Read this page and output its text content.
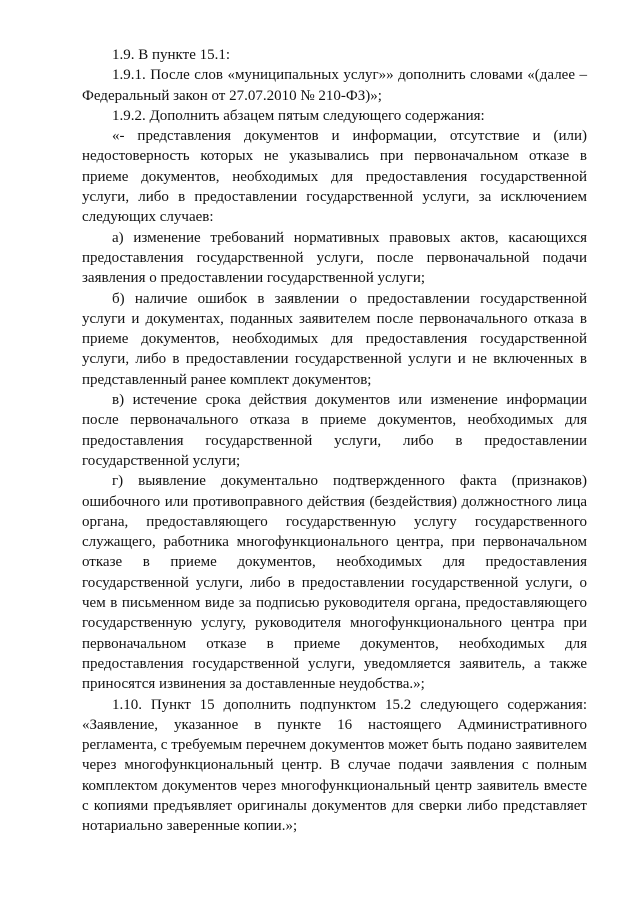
1.9. В пункте 15.1:

1.9.1. После слов «муниципальных услуг»» дополнить словами «(далее – Федеральный закон от 27.07.2010 № 210-ФЗ)»;

1.9.2. Дополнить абзацем пятым следующего содержания:

«- представления документов и информации, отсутствие и (или) недостоверность которых не указывались при первоначальном отказе в приеме документов, необходимых для предоставления государственной услуги, либо в предоставлении государственной услуги, за исключением следующих случаев:

а) изменение требований нормативных правовых актов, касающихся предоставления государственной услуги, после первоначальной подачи заявления о предоставлении государственной услуги;

б) наличие ошибок в заявлении о предоставлении государственной услуги и документах, поданных заявителем после первоначального отказа в приеме документов, необходимых для предоставления государственной услуги, либо в предоставлении государственной услуги и не включенных в представленный ранее комплект документов;

в) истечение срока действия документов или изменение информации после первоначального отказа в приеме документов, необходимых для предоставления государственной услуги, либо в предоставлении государственной услуги;

г) выявление документально подтвержденного факта (признаков) ошибочного или противоправного действия (бездействия) должностного лица органа, предоставляющего государственную услугу государственного служащего, работника многофункционального центра, при первоначальном отказе в приеме документов, необходимых для предоставления государственной услуги, либо в предоставлении государственной услуги, о чем в письменном виде за подписью руководителя органа, предоставляющего государственную услугу, руководителя многофункционального центра при первоначальном отказе в приеме документов, необходимых для предоставления государственной услуги, уведомляется заявитель, а также приносятся извинения за доставленные неудобства.»;

1.10. Пункт 15 дополнить подпунктом 15.2 следующего содержания: «Заявление, указанное в пункте 16 настоящего Административного регламента, с требуемым перечнем документов может быть подано заявителем через многофункциональный центр. В случае подачи заявления с полным комплектом документов через многофункциональный центр заявитель вместе с копиями предъявляет оригиналы документов для сверки либо представляет нотариально заверенные копии.»;
